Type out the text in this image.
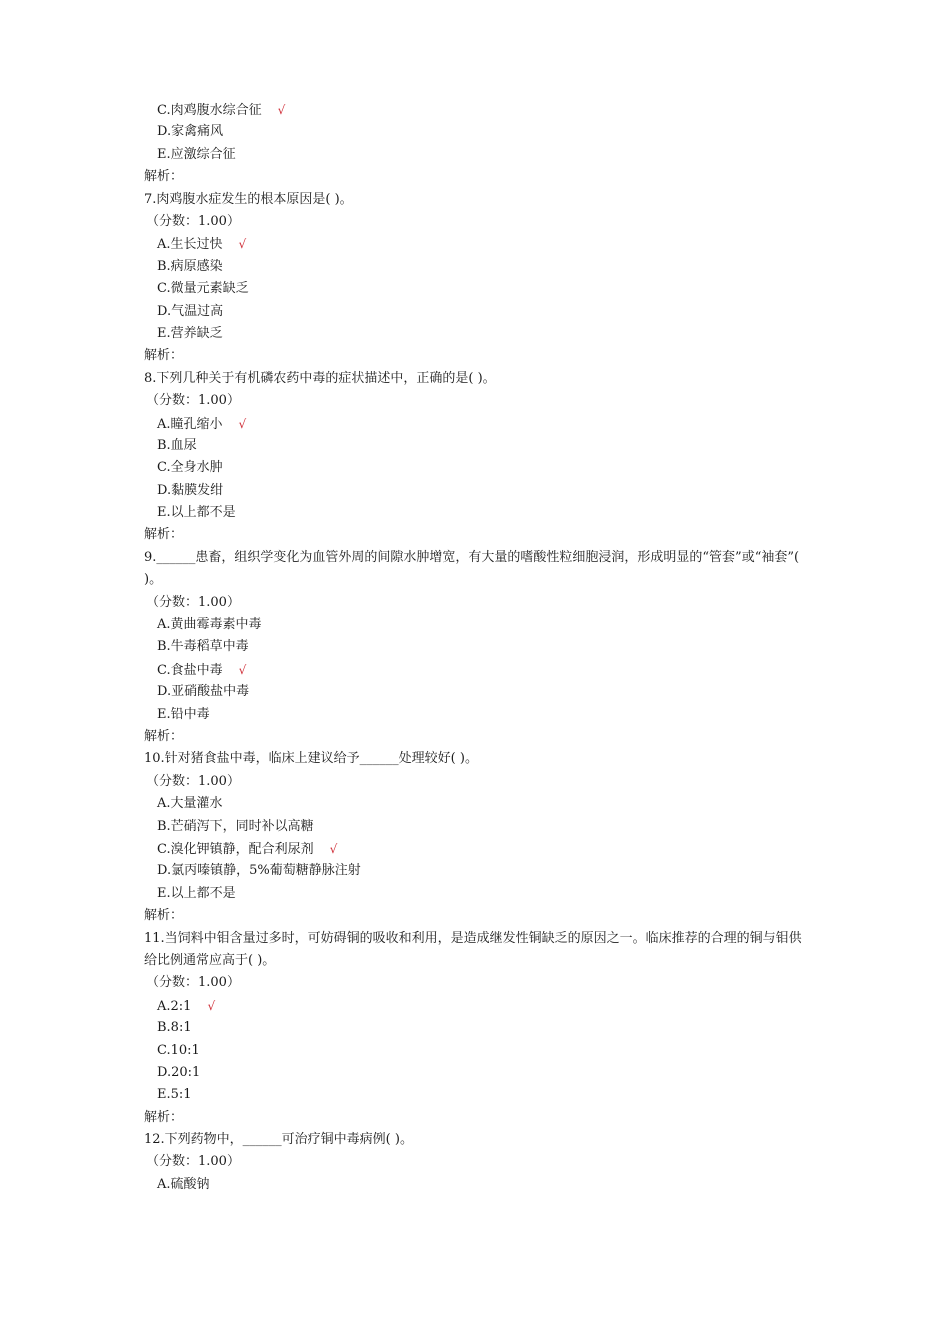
C.肉鸡腹水综合征 √
D.家禽痛风
E.应激综合征
解析：
7.肉鸡腹水症发生的根本原因是( )。
（分数：1.00）
A.生长过快 √
B.病原感染
C.微量元素缺乏
D.气温过高
E.营养缺乏
解析：
8.下列几种关于有机磷农药中毒的症状描述中，正确的是( )。
（分数：1.00）
A.瞳孔缩小 √
B.血尿
C.全身水肿
D.黏膜发绀
E.以上都不是
解析：
9.______患畜，组织学变化为血管外周的间隙水肿增宽，有大量的嗜酸性粒细胞浸润，形成明显的“管套”或“袖套”( )。
（分数：1.00）
A.黄曲霉毒素中毒
B.牛毒稻草中毒
C.食盐中毒 √
D.亚硝酸盐中毒
E.铅中毒
解析：
10.针对猪食盐中毒，临床上建议给予______处理较好( )。
（分数：1.00）
A.大量灌水
B.芒硝泻下，同时补以高糖
C.溴化钾镇静，配合利尿剂 √
D.氯丙嗪镇静，5%葡萄糖静脉注射
E.以上都不是
解析：
11.当饲料中钼含量过多时，可妨碍铜的吸收和利用，是造成继发性铜缺乏的原因之一。临床推荐的合理的铜与钼供给比例通常应高于( )。
（分数：1.00）
A.2:1 √
B.8:1
C.10:1
D.20:1
E.5:1
解析：
12.下列药物中，______可治疗铜中毒病例( )。
（分数：1.00）
A.硫酸钠
